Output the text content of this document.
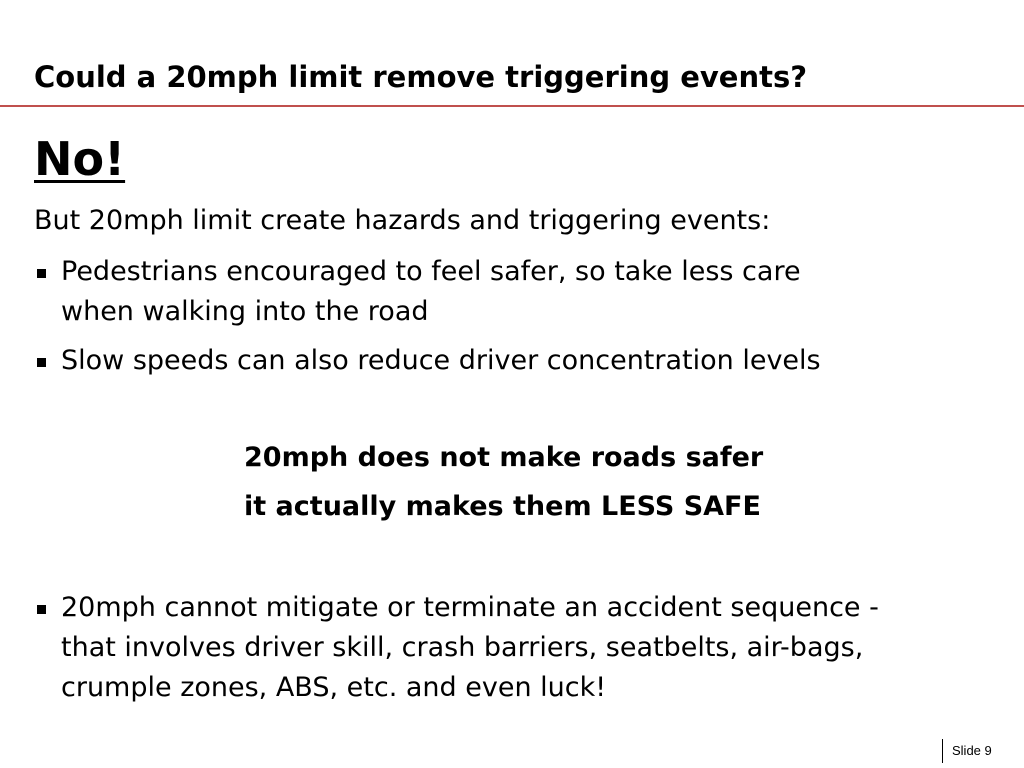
Could a 20mph limit remove triggering events?

No!

But 20mph limit create hazards and triggering events:

Pedestrians encouraged to feel safer, so take less care
when walking into the road
Slow speeds can also reduce driver concentration levels

20mph does not make roads safer

it actually makes them LESS SAFE

20mph cannot mitigate or terminate an accident sequence -
that involves driver skill, crash barriers, seatbelts, air-bags,
crumple zones, ABS, etc. and even luck!
Slide 9
